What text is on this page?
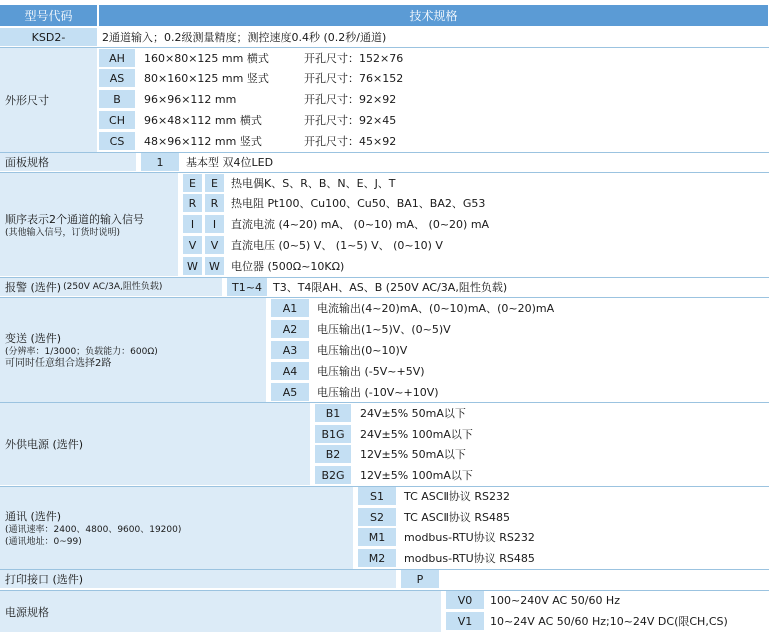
型号代码	技术规格
KSD2-	2通道输入；0.2级测量精度；测控速度0.4秒 (0.2秒/通道)
外形尺寸
AH	160×80×125 mm 横式	开孔尺寸：152×76
AS	80×160×125 mm 竖式	开孔尺寸：76×152
B	96×96×112 mm	开孔尺寸：92×92
CH	96×48×112 mm 横式	开孔尺寸：92×45
CS	48×96×112 mm 竖式	开孔尺寸：45×92
面板规格	1	基本型 双4位LED
顺序表示2个通道的输入信号
(其他输入信号，订货时说明)
E	E	热电偶K、S、R、B、N、E、J、T
R	R	热电阻 Pt100、Cu100、Cu50、BA1、BA2、G53
I	I	直流电流 (4~20) mA、 (0~10) mA、 (0~20) mA
V	V	直流电压 (0~5) V、 (1~5) V、 (0~10) V
W	W	电位器 (500Ω~10KΩ)
报警 (选件) (250V AC/3A,阻性负载)	T1~4	T3、T4限AH、AS、B (250V AC/3A,阻性负载)
变送 (选件)
(分辨率：1/3000；负载能力：600Ω)
可同时任意组合选择2路
A1	电流输出(4~20)mA、(0~10)mA、(0~20)mA
A2	电压输出(1~5)V、(0~5)V
A3	电压输出(0~10)V
A4	电压输出 (-5V~+5V)
A5	电压输出 (-10V~+10V)
外供电源 (选件)
B1	24V±5% 50mA以下
B1G	24V±5% 100mA以下
B2	12V±5% 50mA以下
B2G	12V±5% 100mA以下
通讯 (选件)
(通讯速率：2400、4800、9600、19200)
(通讯地址：0~99)
S1	TC ASCⅡ协议 RS232
S2	TC ASCⅡ协议 RS485
M1	modbus-RTU协议 RS232
M2	modbus-RTU协议 RS485
打印接口 (选件)	P
电源规格
V0	100~240V AC 50/60 Hz
V1	10~24V AC 50/60 Hz;10~24V DC(限CH,CS)
